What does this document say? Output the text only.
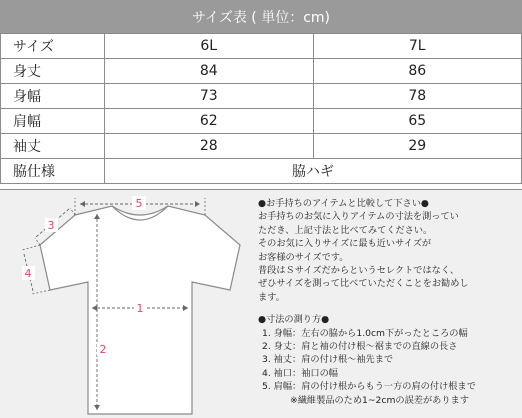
サイズ表 ( 単位：cm)
サイズ	6L	7L
身丈	84	86
身幅	73	78
肩幅	62	65
袖丈	28	29
脇仕様	脇ハギ	
5
3
4
1
2
●お手持ちのアイテムと比較して下さい●
お手持ちのお気に入りアイテムの寸法を測ってい
ただき、上記寸法と比べてみてください。
そのお気に入りサイズに最も近いサイズが
お客様のサイズです。
普段はＳサイズだからというセレクトではなく、
ぜひサイズを測って比べていただくことをお勧めし
ます。
●寸法の測り方●
1. 身幅：左右の脇から1.0cm下がったところの幅
2. 身丈：肩と袖の付け根～裾までの直線の長さ
3. 袖丈：肩の付け根～袖先まで
4. 袖口：袖口の幅
5. 肩幅：肩の付け根からもう一方の肩の付け根まで
※繊維製品のため1~2cmの誤差があります
